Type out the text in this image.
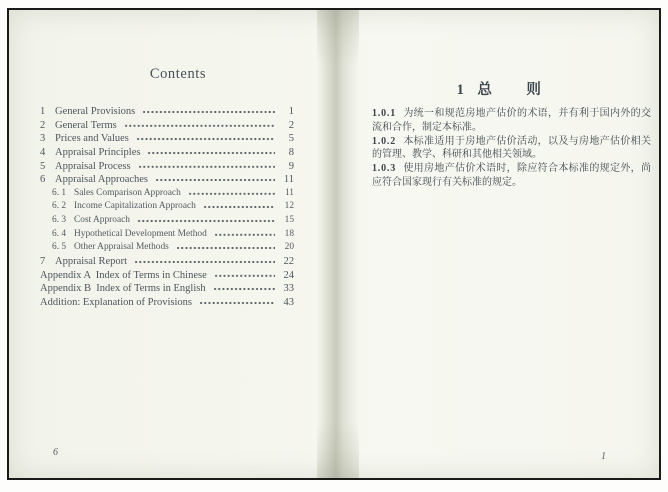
Contents
1 General Provisions	1
2 General Terms	2
3 Prices and Values	5
4 Appraisal Principles	8
5 Appraisal Process	9
6 Appraisal Approaches	11
6. 1 Sales Comparison Approach	11
6. 2 Income Capitalization Approach	12
6. 3 Cost Approach	15
6. 4 Hypothetical Development Method	18
6. 5 Other Appraisal Methods	20
7 Appraisal Report	22
Appendix A  Index of Terms in Chinese	24
Appendix B  Index of Terms in English	33
Addition: Explanation of Provisions	43
6
1 总 则

1.0.1 为统一和规范房地产估价的术语，并有利于国内外的交流和合作，制定本标准。

1.0.2 本标准适用于房地产估价活动，以及与房地产估价相关的管理、教学、科研和其他相关领域。

1.0.3 使用房地产估价术语时，除应符合本标准的规定外，尚应符合国家现行有关标准的规定。

1
